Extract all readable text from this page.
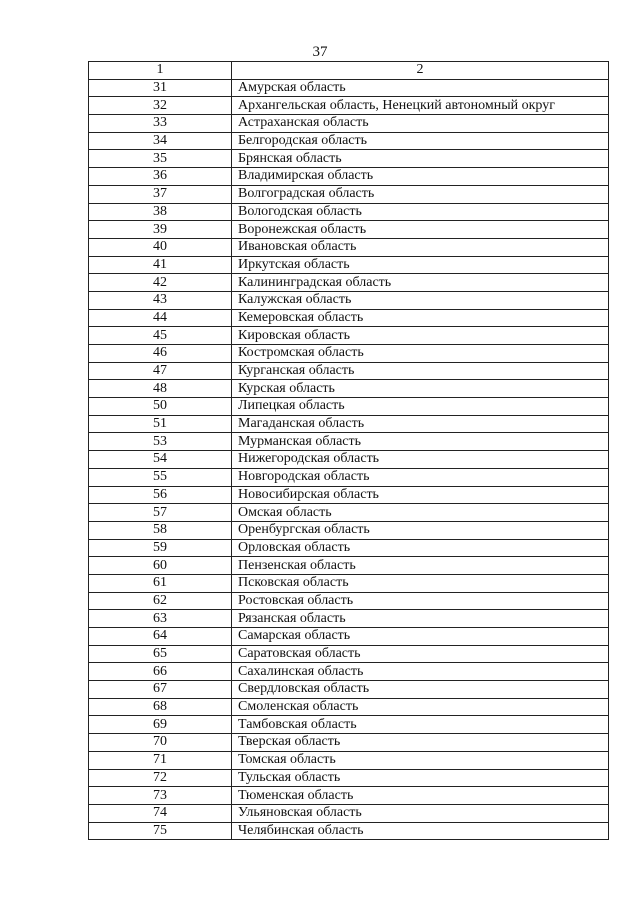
37
1	2
31	Амурская область
32	Архангельская область, Ненецкий автономный округ
33	Астраханская область
34	Белгородская область
35	Брянская область
36	Владимирская область
37	Волгоградская область
38	Вологодская область
39	Воронежская область
40	Ивановская область
41	Иркутская область
42	Калининградская область
43	Калужская область
44	Кемеровская область
45	Кировская область
46	Костромская область
47	Курганская область
48	Курская область
50	Липецкая область
51	Магаданская область
53	Мурманская область
54	Нижегородская область
55	Новгородская область
56	Новосибирская область
57	Омская область
58	Оренбургская область
59	Орловская область
60	Пензенская область
61	Псковская область
62	Ростовская область
63	Рязанская область
64	Самарская область
65	Саратовская область
66	Сахалинская область
67	Свердловская область
68	Смоленская область
69	Тамбовская область
70	Тверская область
71	Томская область
72	Тульская область
73	Тюменская область
74	Ульяновская область
75	Челябинская область
